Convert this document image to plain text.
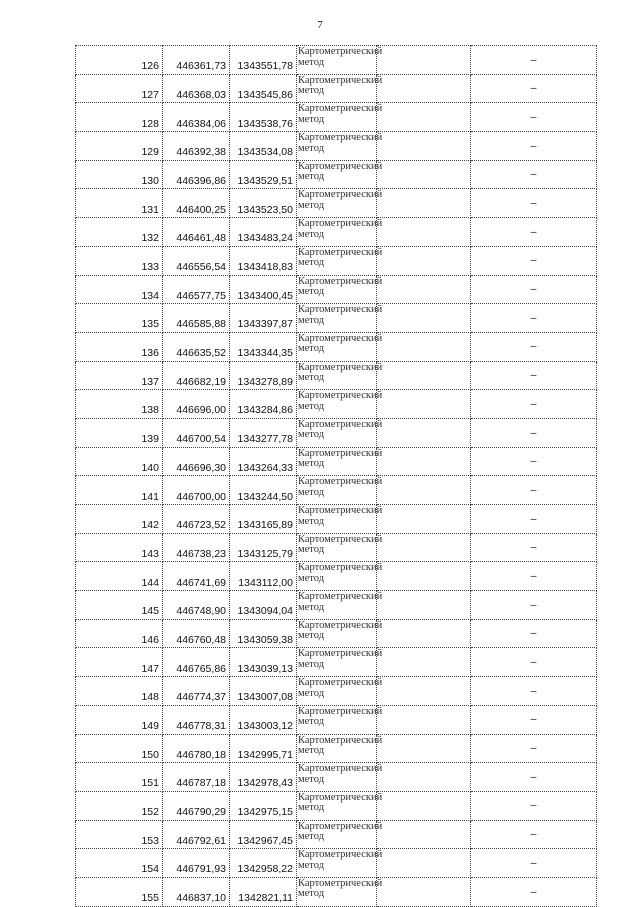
7
126	446361,73	1343551,78	Картометрический метод		–
127	446368,03	1343545,86	Картометрический метод		–
128	446384,06	1343538,76	Картометрический метод		–
129	446392,38	1343534,08	Картометрический метод		–
130	446396,86	1343529,51	Картометрический метод		–
131	446400,25	1343523,50	Картометрический метод		–
132	446461,48	1343483,24	Картометрический метод		–
133	446556,54	1343418,83	Картометрический метод		–
134	446577,75	1343400,45	Картометрический метод		–
135	446585,88	1343397,87	Картометрический метод		–
136	446635,52	1343344,35	Картометрический метод		–
137	446682,19	1343278,89	Картометрический метод		–
138	446696,00	1343284,86	Картометрический метод		–
139	446700,54	1343277,78	Картометрический метод		–
140	446696,30	1343264,33	Картометрический метод		–
141	446700,00	1343244,50	Картометрический метод		–
142	446723,52	1343165,89	Картометрический метод		–
143	446738,23	1343125,79	Картометрический метод		–
144	446741,69	1343112,00	Картометрический метод		–
145	446748,90	1343094,04	Картометрический метод		–
146	446760,48	1343059,38	Картометрический метод		–
147	446765,86	1343039,13	Картометрический метод		–
148	446774,37	1343007,08	Картометрический метод		–
149	446778,31	1343003,12	Картометрический метод		–
150	446780,18	1342995,71	Картометрический метод		–
151	446787,18	1342978,43	Картометрический метод		–
152	446790,29	1342975,15	Картометрический метод		–
153	446792,61	1342967,45	Картометрический метод		–
154	446791,93	1342958,22	Картометрический метод		–
155	446837,10	1342821,11	Картометрический метод		–
